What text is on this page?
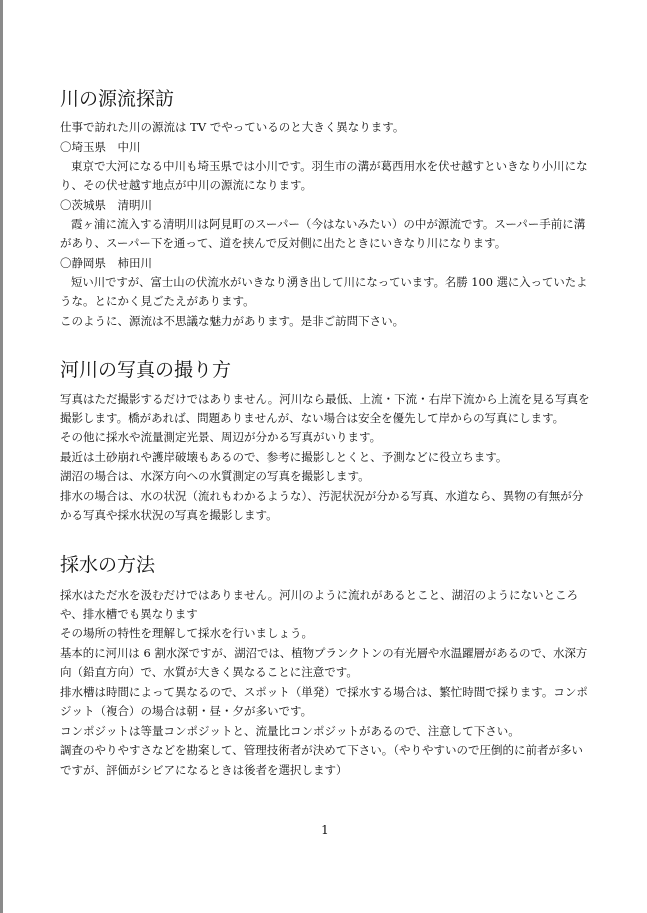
川の源流探訪
仕事で訪れた川の源流は TV でやっているのと大きく異なります。
〇埼玉県　中川
東京で大河になる中川も埼玉県では小川です。羽生市の溝が葛西用水を伏せ越すといきなり小川にな
り、その伏せ越す地点が中川の源流になります。
〇茨城県　清明川
霞ヶ浦に流入する清明川は阿見町のスーパー（今はないみたい）の中が源流です。スーパー手前に溝
があり、スーパー下を通って、道を挟んで反対側に出たときにいきなり川になります。
〇静岡県　柿田川
短い川ですが、富士山の伏流水がいきなり湧き出して川になっています。名勝 100 選に入っていたよ
うな。とにかく見ごたえがあります。
このように、源流は不思議な魅力があります。是非ご訪問下さい。
河川の写真の撮り方
写真はただ撮影するだけではありません。河川なら最低、上流・下流・右岸下流から上流を見る写真を
撮影します。橋があれば、問題ありませんが、ない場合は安全を優先して岸からの写真にします。
その他に採水や流量測定光景、周辺が分かる写真がいります。
最近は土砂崩れや護岸破壊もあるので、参考に撮影しとくと、予測などに役立ちます。
湖沼の場合は、水深方向への水質測定の写真を撮影します。
排水の場合は、水の状況（流れもわかるような）、汚泥状況が分かる写真、水道なら、異物の有無が分
かる写真や採水状況の写真を撮影します。
採水の方法
採水はただ水を汲むだけではありません。河川のように流れがあるとこと、湖沼のようにないところ
や、排水槽でも異なります
その場所の特性を理解して採水を行いましょう。
基本的に河川は 6 割水深ですが、湖沼では、植物プランクトンの有光層や水温躍層があるので、水深方
向（鉛直方向）で、水質が大きく異なることに注意です。
排水槽は時間によって異なるので、スポット（単発）で採水する場合は、繁忙時間で採ります。コンポ
ジット（複合）の場合は朝・昼・夕が多いです。
コンポジットは等量コンポジットと、流量比コンポジットがあるので、注意して下さい。
調査のやりやすさなどを勘案して、管理技術者が決めて下さい。（やりやすいので圧倒的に前者が多い
ですが、評価がシビアになるときは後者を選択します）
1
